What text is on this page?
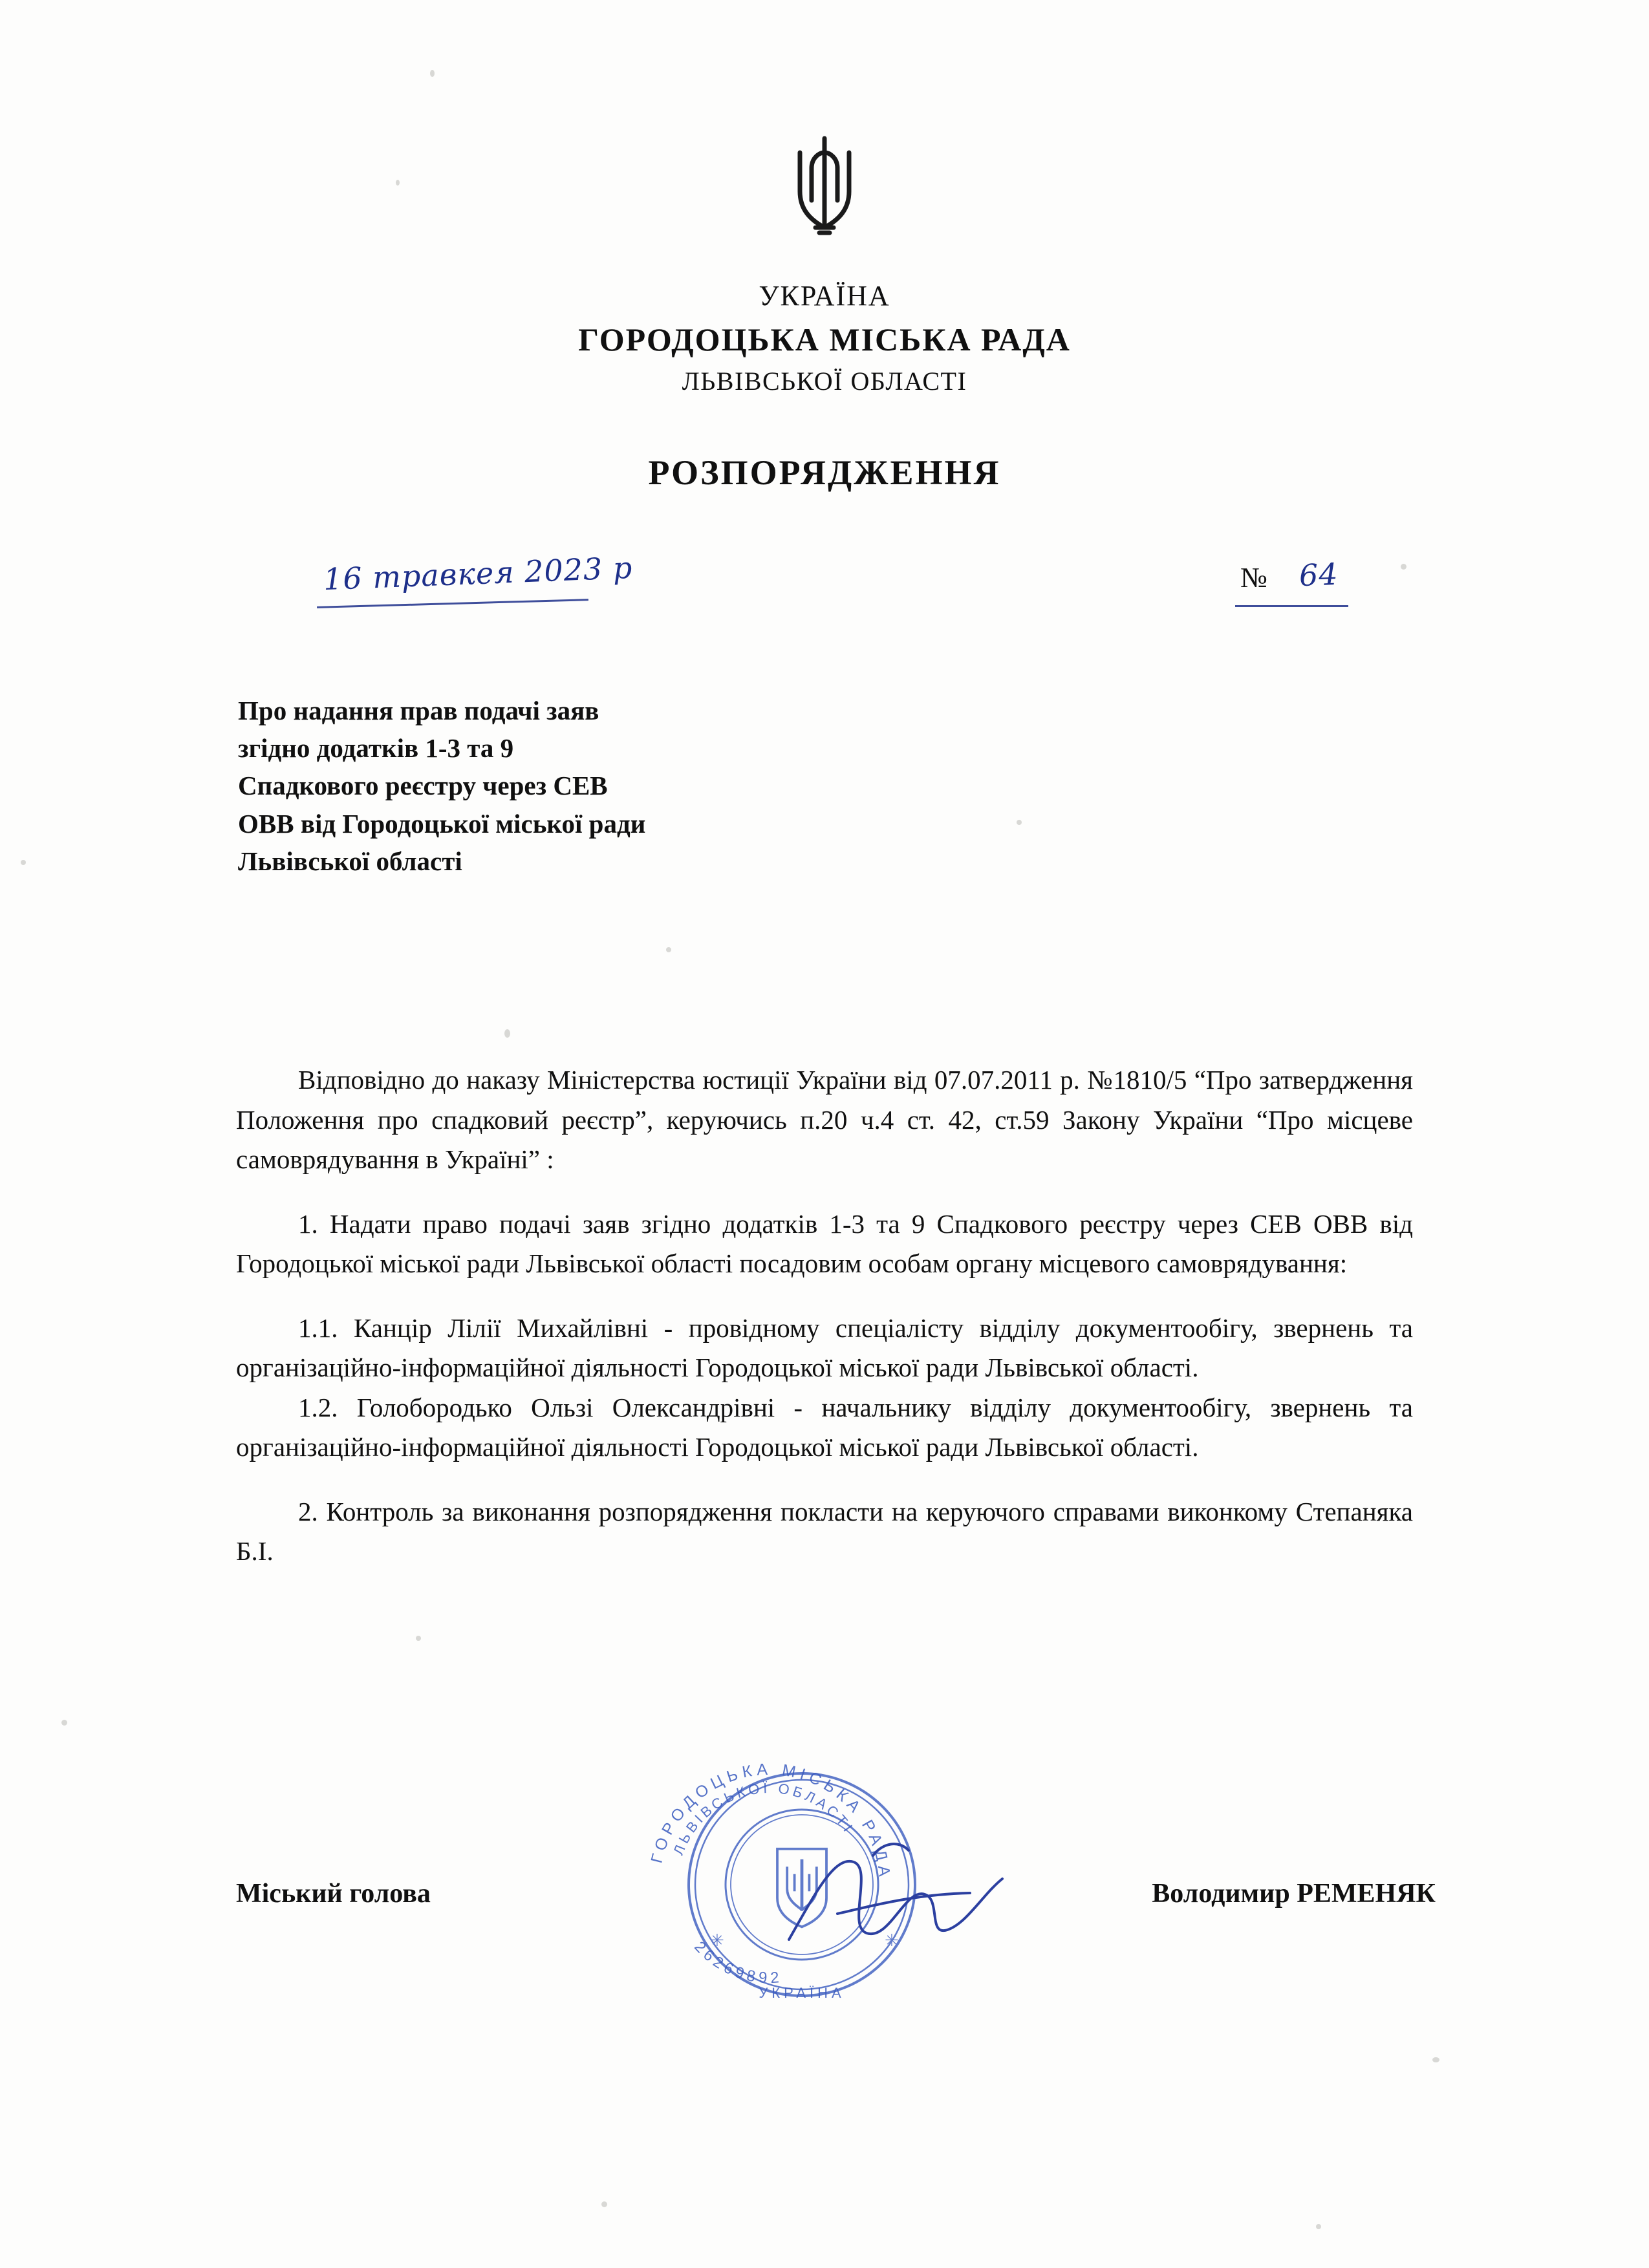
УКРАЇНА
ГОРОДОЦЬКА МІСЬКА РАДА
ЛЬВІВСЬКОЇ ОБЛАСТІ
РОЗПОРЯДЖЕННЯ
16 травкея 2023 р	№ 64
Про надання прав подачі заяв
згідно додатків 1-3 та 9
Спадкового реєстру через СЕВ
ОВВ від Городоцької міської ради
Львівської області

Відповідно до наказу Міністерства юстиції України від 07.07.2011 р. №1810/5 “Про затвердження Положення про спадковий реєстр”, керуючись п.20 ч.4 ст. 42, ст.59 Закону України “Про місцеве самоврядування в Україні” :

1. Надати право подачі заяв згідно додатків 1-3 та 9 Спадкового реєстру через СЕВ ОВВ від Городоцької міської ради Львівської області посадовим особам органу місцевого самоврядування:

1.1. Канцір Лілії Михайлівні - провідному спеціалісту відділу документообігу, звернень та організаційно-інформаційної діяльності Городоцької міської ради Львівської області.

1.2. Голобородько Ользі Олександрівні - начальнику відділу документообігу, звернень та організаційно-інформаційної діяльності Городоцької міської ради Львівської області.

2. Контроль за виконання розпорядження покласти на керуючого справами виконкому Степаняка Б.І.

✳	✳
ГОРОДОЦЬКА МІСЬКА РАДА
ЛЬВІВСЬКОЇ ОБЛАСТІ
26269892
УКРАЇНА
Міський голова	Володимир РЕМЕНЯК
